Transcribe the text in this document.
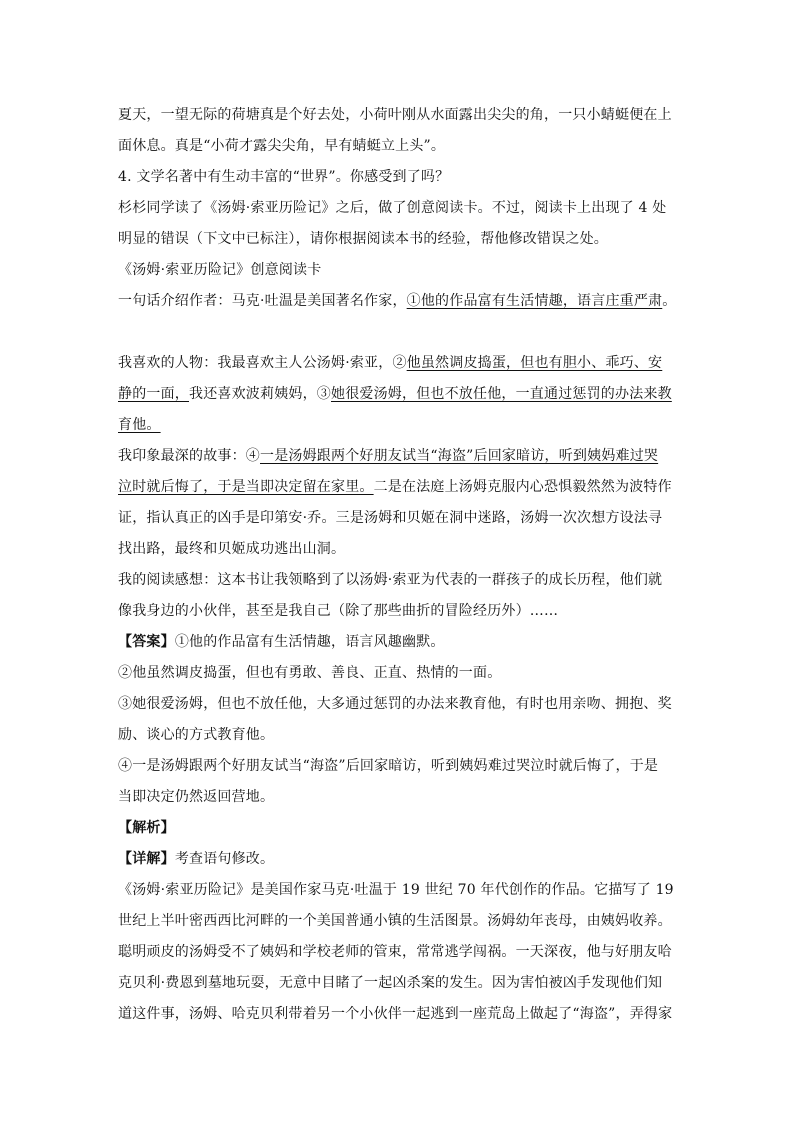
夏天，一望无际的荷塘真是个好去处，小荷叶刚从水面露出尖尖的角，一只小蜻蜓便在上
面休息。真是“小荷才露尖尖角，早有蜻蜓立上头”。
4. 文学名著中有生动丰富的“世界”。你感受到了吗？
杉杉同学读了《汤姆·索亚历险记》之后，做了创意阅读卡。不过，阅读卡上出现了 4 处
明显的错误（下文中已标注），请你根据阅读本书的经验，帮他修改错误之处。
《汤姆·索亚历险记》创意阅读卡
一句话介绍作者：马克·吐温是美国著名作家，①他的作品富有生活情趣，语言庄重严肃。
我喜欢的人物：我最喜欢主人公汤姆·索亚，②他虽然调皮捣蛋，但也有胆小、乖巧、安
静的一面，我还喜欢波莉姨妈，③她很爱汤姆，但也不放任他，一直通过惩罚的办法来教
育他。
我印象最深的故事：④一是汤姆跟两个好朋友试当“海盗”后回家暗访，听到姨妈难过哭
泣时就后悔了，于是当即决定留在家里。二是在法庭上汤姆克服内心恐惧毅然然为波特作
证，指认真正的凶手是印第安·乔。三是汤姆和贝姬在洞中迷路，汤姆一次次想方设法寻
找出路，最终和贝姬成功逃出山洞。
我的阅读感想：这本书让我领略到了以汤姆·索亚为代表的一群孩子的成长历程，他们就
像我身边的小伙伴，甚至是我自己（除了那些曲折的冒险经历外）……
【答案】①他的作品富有生活情趣，语言风趣幽默。
②他虽然调皮捣蛋，但也有勇敢、善良、正直、热情的一面。
③她很爱汤姆，但也不放任他，大多通过惩罚的办法来教育他，有时也用亲吻、拥抱、奖
励、谈心的方式教育他。
④一是汤姆跟两个好朋友试当“海盗”后回家暗访，听到姨妈难过哭泣时就后悔了，于是
当即决定仍然返回营地。
【解析】
【详解】考查语句修改。
《汤姆·索亚历险记》是美国作家马克·吐温于 19 世纪 70 年代创作的作品。它描写了 19
世纪上半叶密西西比河畔的一个美国普通小镇的生活图景。汤姆幼年丧母，由姨妈收养。
聪明顽皮的汤姆受不了姨妈和学校老师的管束，常常逃学闯祸。一天深夜，他与好朋友哈
克贝利·费恩到墓地玩耍，无意中目睹了一起凶杀案的发生。因为害怕被凶手发现他们知
道这件事，汤姆、哈克贝利带着另一个小伙伴一起逃到一座荒岛上做起了“海盗”，弄得家
